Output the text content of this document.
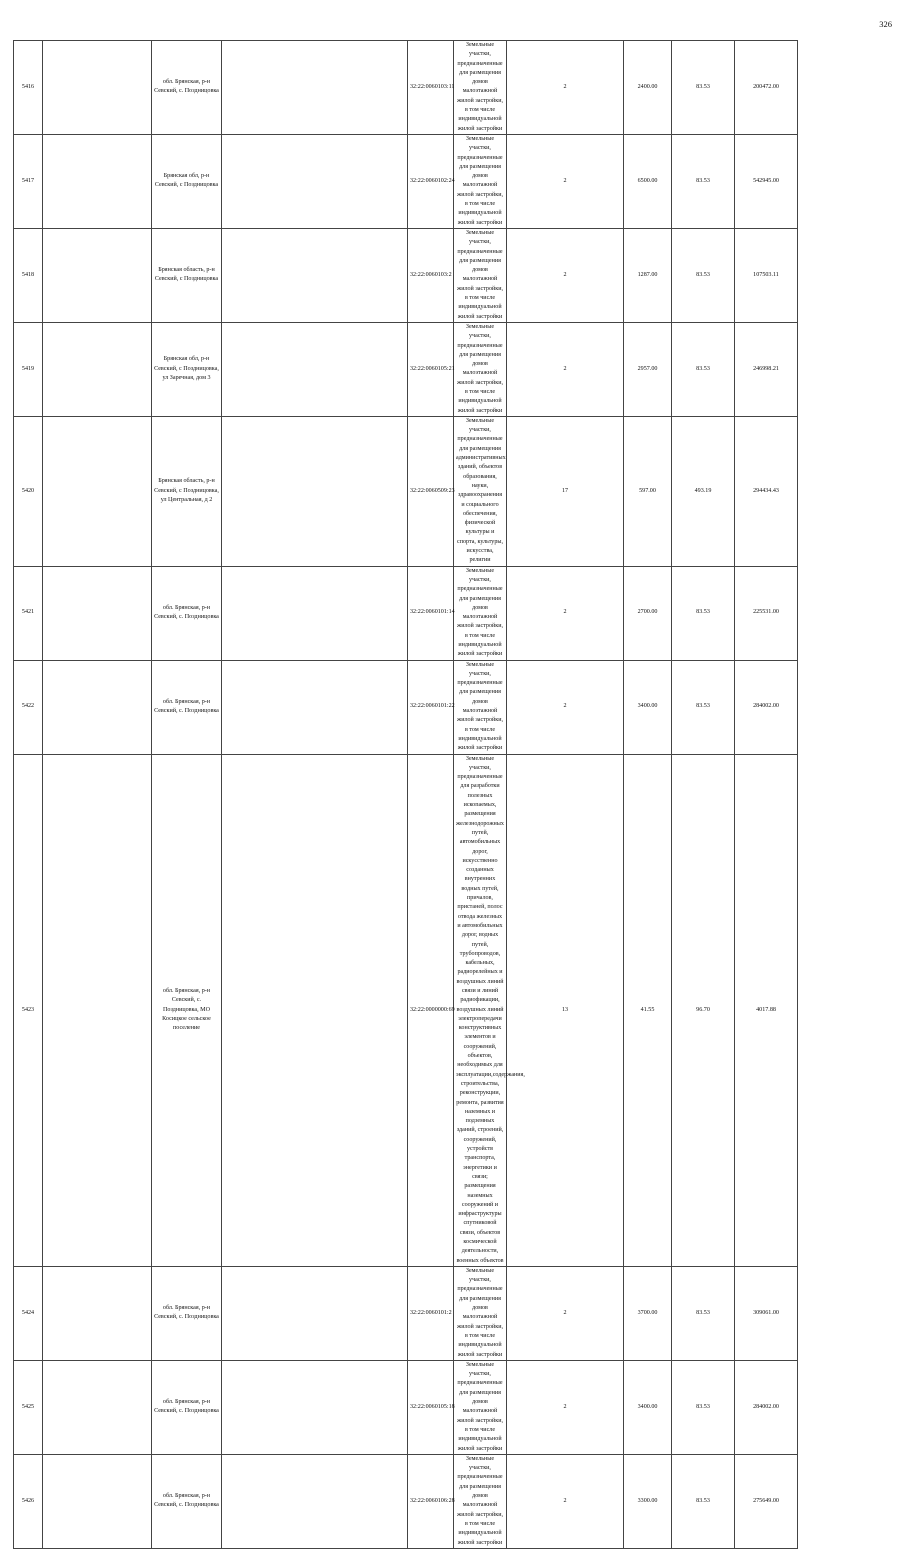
326
5416		обл. Брянская, р-н Севский, с. Поздницовка		32:22:0060103:11	Земельные участки, предназначенные для размещения домов малоэтажной жилой застройки, в том числе индивидуальной жилой застройки	2	2400.00	83.53	200472.00
5417		Брянская обл, р-н Севский, с Поздницовка		32:22:0060102:24	Земельные участки, предназначенные для размещения домов малоэтажной жилой застройки, в том числе индивидуальной жилой застройки	2	6500.00	83.53	542945.00
5418		Брянская область, р-н Севский, с Поздницовка		32:22:0060103:2	Земельные участки, предназначенные для размещения домов малоэтажной жилой застройки, в том числе индивидуальной жилой застройки	2	1287.00	83.53	107503.11
5419		Брянская обл, р-н Севский, с Поздницовка, ул Заречная, дом 3		32:22:0060105:21	Земельные участки, предназначенные для размещения домов малоэтажной жилой застройки, в том числе индивидуальной жилой застройки	2	2957.00	83.53	246998.21
5420		Брянская область, р-н Севский, с Поздницовка, ул Центральная, д 2		32:22:0060509:23	Земельные участки, предназначенные для размещения административных зданий, объектов образования, науки, здравоохранения и социального обеспечения, физической культуры и спорта, культуры, искусства, религии	17	597.00	493.19	294434.43
5421		обл. Брянская, р-н Севский, с. Поздницовка		32:22:0060101:14	Земельные участки, предназначенные для размещения домов малоэтажной жилой застройки, в том числе индивидуальной жилой застройки	2	2700.00	83.53	225531.00
5422		обл. Брянская, р-н Севский, с. Поздницовка		32:22:0060101:22	Земельные участки, предназначенные для размещения домов малоэтажной жилой застройки, в том числе индивидуальной жилой застройки	2	3400.00	83.53	284002.00
5423		обл. Брянская, р-н Севский, с. Поздницовка, МО Косицкое сельское поселение		32:22:0000000:69	Земельные участки, предназначенные для разработки полезных ископаемых, размещения железнодорожных путей, автомобильных дорог, искусственно созданных внутренних водных путей, причалов, пристаней, полос отвода железных и автомобильных дорог, водных путей, трубопроводов, кабельных, радиорелейных и воздушных линий связи и линий радиофикации, воздушных линий электропередачи конструктивных элементов и сооружений, объектов, необходимых для эксплуатации,содержания, строительства, реконструкции, ремонта, развития наземных и подземных зданий, строений, сооружений, устройств транспорта, энергетики и связи; размещения наземных сооружений и инфраструктуры спутниковой связи, объектов космической деятельности, военных объектов	13	41.55	96.70	4017.88
5424		обл. Брянская, р-н Севский, с. Поздницовка		32:22:0060101:2	Земельные участки, предназначенные для размещения домов малоэтажной жилой застройки, в том числе индивидуальной жилой застройки	2	3700.00	83.53	309061.00
5425		обл. Брянская, р-н Севский, с. Поздницовка		32:22:0060105:18	Земельные участки, предназначенные для размещения домов малоэтажной жилой застройки, в том числе индивидуальной жилой застройки	2	3400.00	83.53	284002.00
5426		обл. Брянская, р-н Севский, с. Поздницовка		32:22:0060106:28	Земельные участки, предназначенные для размещения домов малоэтажной жилой застройки, в том числе индивидуальной жилой застройки	2	3300.00	83.53	275649.00
